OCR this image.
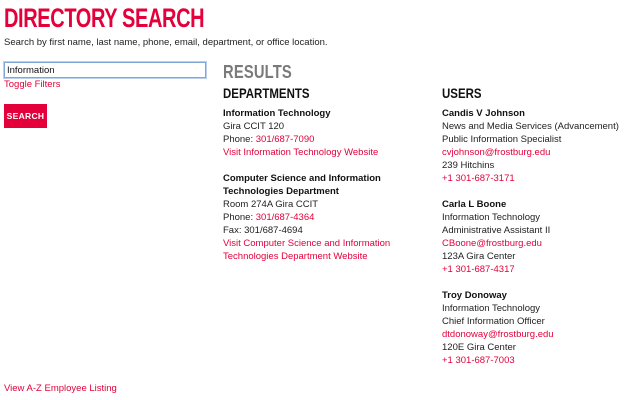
DIRECTORY SEARCH
Search by first name, last name, phone, email, department, or office location.
Information
Toggle Filters
SEARCH
RESULTS
DEPARTMENTS	USERS
Information Technology
Gira CCIT 120
Phone: 301/687-7090
Visit Information Technology Website
Computer Science and Information Technologies Department
Room 274A Gira CCIT
Phone: 301/687-4364
Fax: 301/687-4694
Visit Computer Science and Information Technologies Department Website
Candis V Johnson
News and Media Services (Advancement)
Public Information Specialist
cvjohnson@frostburg.edu
239 Hitchins
+1 301-687-3171
Carla L Boone
Information Technology
Administrative Assistant II
CBoone@frostburg.edu
123A Gira Center
+1 301-687-4317
Troy Donoway
Information Technology
Chief Information Officer
dtdonoway@frostburg.edu
120E Gira Center
+1 301-687-7003
View A-Z Employee Listing
